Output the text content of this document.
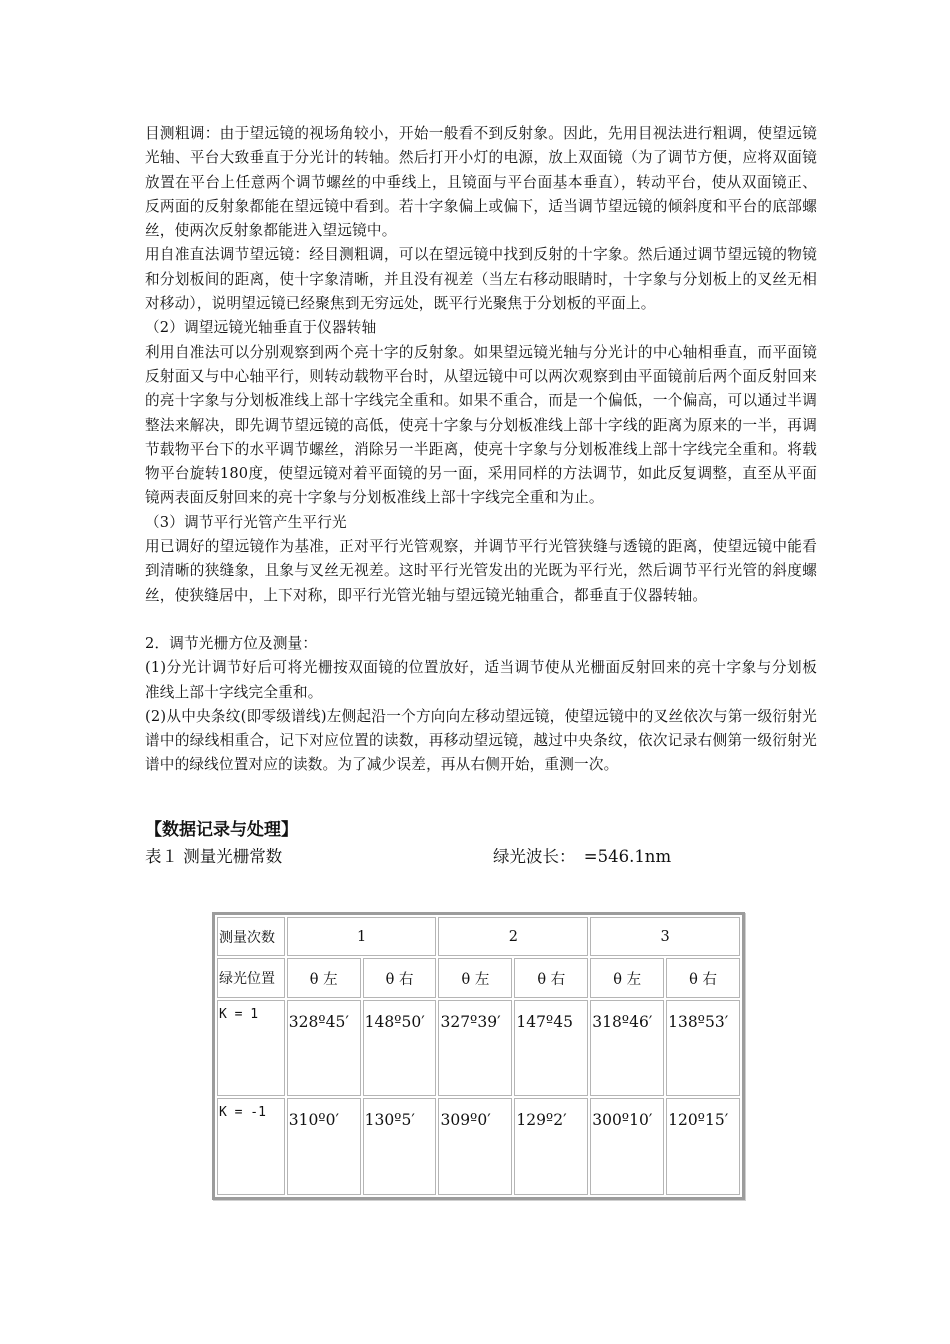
目测粗调：由于望远镜的视场角较小，开始一般看不到反射象。因此，先用目视法进行粗调，使望远镜光轴、平台大致垂直于分光计的转轴。然后打开小灯的电源，放上双面镜（为了调节方便，应将双面镜放置在平台上任意两个调节螺丝的中垂线上，且镜面与平台面基本垂直），转动平台，使从双面镜正、反两面的反射象都能在望远镜中看到。若十字象偏上或偏下，适当调节望远镜的倾斜度和平台的底部螺丝，使两次反射象都能进入望远镜中。

用自准直法调节望远镜：经目测粗调，可以在望远镜中找到反射的十字象。然后通过调节望远镜的物镜和分划板间的距离，使十字象清晰，并且没有视差（当左右移动眼睛时，十字象与分划板上的叉丝无相对移动），说明望远镜已经聚焦到无穷远处，既平行光聚焦于分划板的平面上。

（2）调望远镜光轴垂直于仪器转轴

利用自准法可以分别观察到两个亮十字的反射象。如果望远镜光轴与分光计的中心轴相垂直，而平面镜反射面又与中心轴平行，则转动载物平台时，从望远镜中可以两次观察到由平面镜前后两个面反射回来的亮十字象与分划板准线上部十字线完全重和。如果不重合，而是一个偏低，一个偏高，可以通过半调整法来解决，即先调节望远镜的高低，使亮十字象与分划板准线上部十字线的距离为原来的一半，再调节载物平台下的水平调节螺丝，消除另一半距离，使亮十字象与分划板准线上部十字线完全重和。将载物平台旋转180度，使望远镜对着平面镜的另一面，采用同样的方法调节，如此反复调整，直至从平面镜两表面反射回来的亮十字象与分划板准线上部十字线完全重和为止。

（3）调节平行光管产生平行光

用已调好的望远镜作为基准，正对平行光管观察，并调节平行光管狭缝与透镜的距离，使望远镜中能看到清晰的狭缝象，且象与叉丝无视差。这时平行光管发出的光既为平行光，然后调节平行光管的斜度螺丝，使狭缝居中，上下对称，即平行光管光轴与望远镜光轴重合，都垂直于仪器转轴。

2．调节光栅方位及测量：

(1)分光计调节好后可将光栅按双面镜的位置放好，适当调节使从光栅面反射回来的亮十字象与分划板准线上部十字线完全重和。

(2)从中央条纹(即零级谱线)左侧起沿一个方向向左移动望远镜，使望远镜中的叉丝依次与第一级衍射光谱中的绿线相重合，记下对应位置的读数，再移动望远镜，越过中央条纹，依次记录右侧第一级衍射光谱中的绿线位置对应的读数。为了减少误差，再从右侧开始，重测一次。

【数据记录与处理】

表１ 测量光栅常数	绿光波长：　=546.1nm
测量次数	1		2		3	
绿光位置	θ 左	θ 右	θ 左	θ 右	θ 左	θ 右
K = 1	328º45′	148º50′	327º39′	147º45	318º46′	138º53′
K = -1	310º0′	130º5′	309º0′	129º2′	300º10′	120º15′
